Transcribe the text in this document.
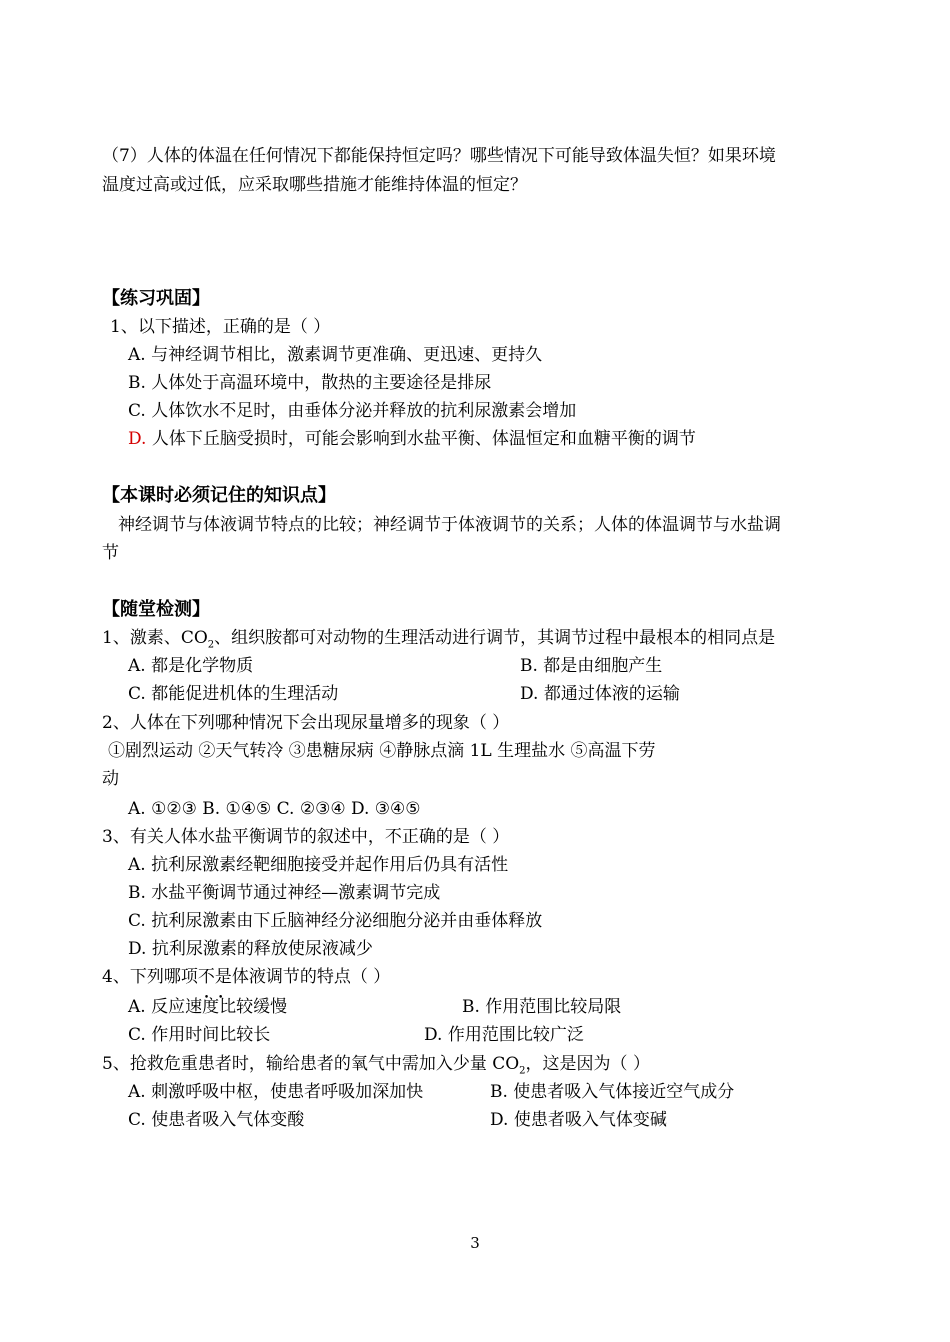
（7）人体的体温在任何情况下都能保持恒定吗？哪些情况下可能导致体温失恒？如果环境
温度过高或过低，应采取哪些措施才能维持体温的恒定？
【练习巩固】
1、以下描述，正确的是（ ）
A. 与神经调节相比，激素调节更准确、更迅速、更持久
B. 人体处于高温环境中，散热的主要途径是排尿
C. 人体饮水不足时，由垂体分泌并释放的抗利尿激素会增加
D. 人体下丘脑受损时，可能会影响到水盐平衡、体温恒定和血糖平衡的调节
【本课时必须记住的知识点】
神经调节与体液调节特点的比较；神经调节于体液调节的关系；人体的体温调节与水盐调
节
【随堂检测】
1、激素、$CO_2$、组织胺都可对动物的生理活动进行调节，其调节过程中最根本的相同点是
A. 都是化学物质	B. 都是由细胞产生
C. 都能促进机体的生理活动	D. 都通过体液的运输
2、人体在下列哪种情况下会出现尿量增多的现象（ ）
①剧烈运动 ②天气转冷 ③患糖尿病 ④静脉点滴 1L 生理盐水 ⑤高温下劳
动
A. ①②③ B. ①④⑤ C. ②③④ D. ③④⑤
3、有关人体水盐平衡调节的叙述中，不正确的是（ ）
A. 抗利尿激素经靶细胞接受并起作用后仍具有活性
B. 水盐平衡调节通过神经—激素调节完成
C. 抗利尿激素由下丘脑神经分泌细胞分泌并由垂体释放
D. 抗利尿激素的释放使尿液减少
4、下列哪项不是 • •体液调节的特点（ ）
A. 反应速度比较缓慢	B. 作用范围比较局限
C. 作用时间比较长	D. 作用范围比较广泛
5、抢救危重患者时，输给患者的氧气中需加入少量 $CO_2$，这是因为（ ）
A. 刺激呼吸中枢，使患者呼吸加深加快	B. 使患者吸入气体接近空气成分
C. 使患者吸入气体变酸	D. 使患者吸入气体变碱
3
